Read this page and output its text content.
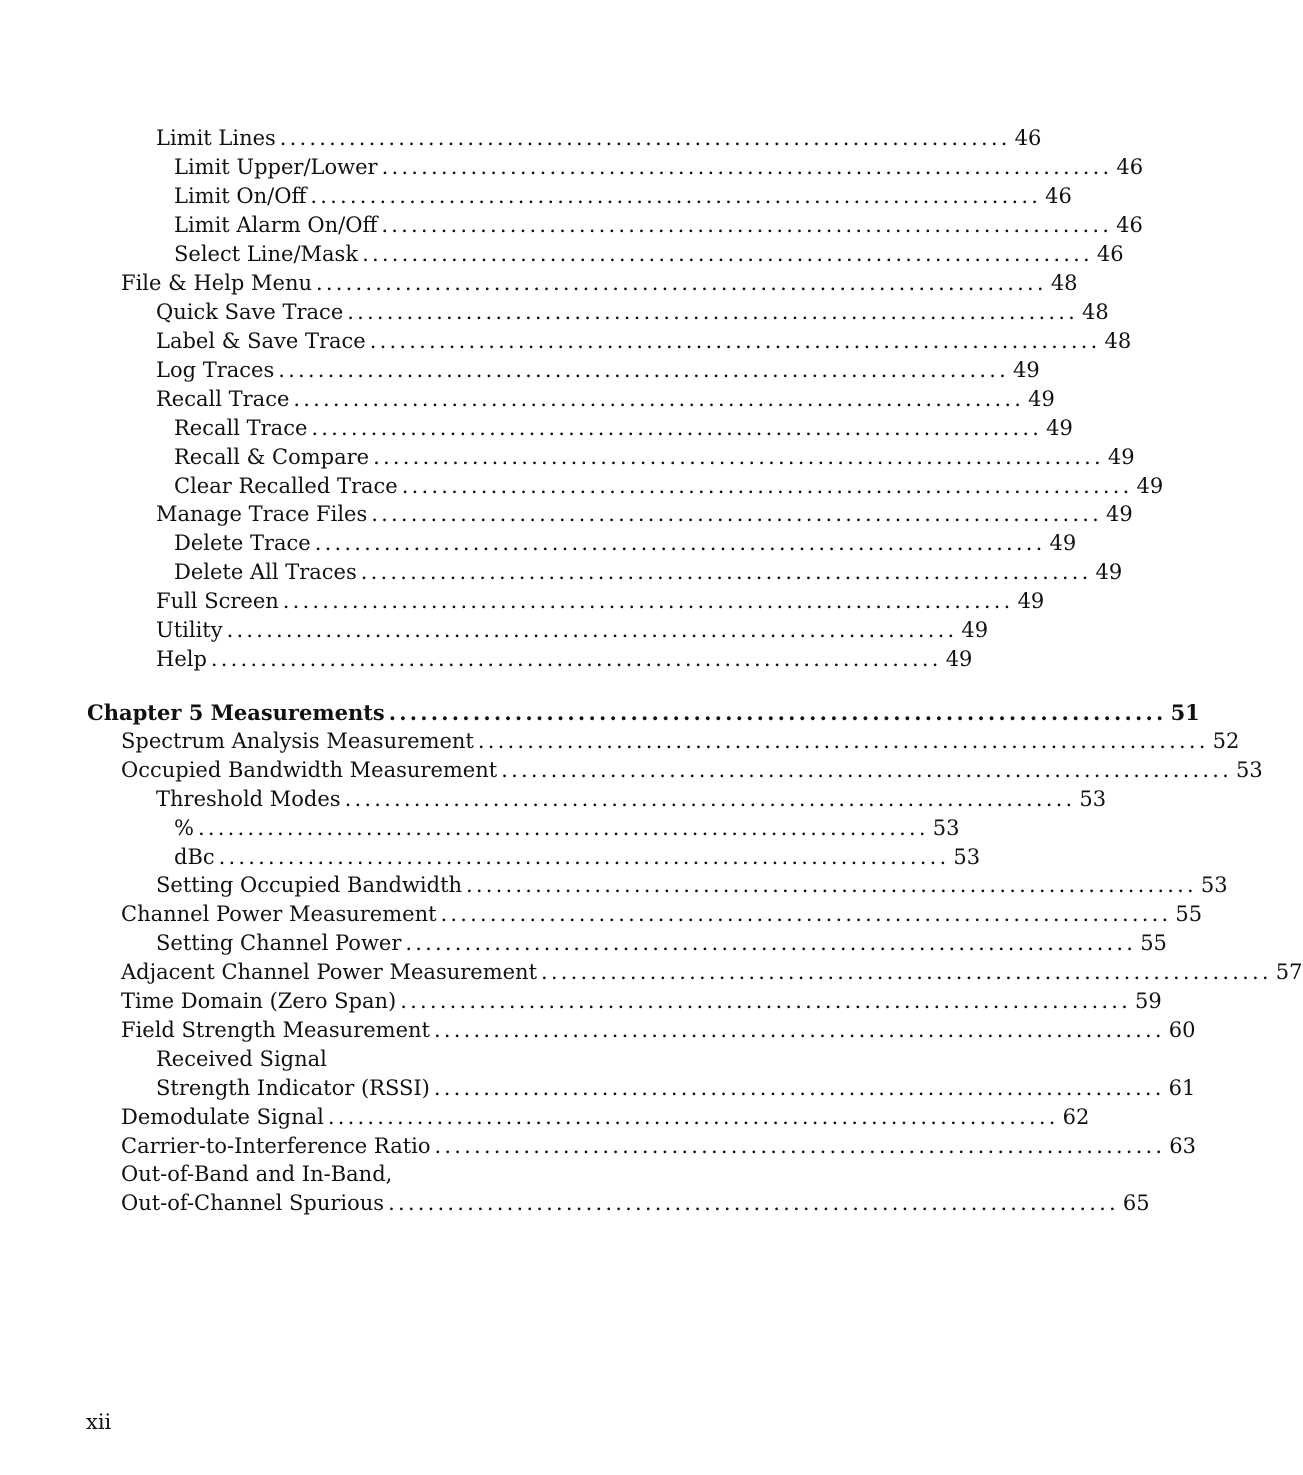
Limit Lines .......................................................................... 46
Limit Upper/Lower .......................................................................... 46
Limit On/Off .......................................................................... 46
Limit Alarm On/Off .......................................................................... 46
Select Line/Mask .......................................................................... 46
File & Help Menu .......................................................................... 48
Quick Save Trace .......................................................................... 48
Label & Save Trace .......................................................................... 48
Log Traces .......................................................................... 49
Recall Trace .......................................................................... 49
Recall Trace .......................................................................... 49
Recall & Compare .......................................................................... 49
Clear Recalled Trace .......................................................................... 49
Manage Trace Files .......................................................................... 49
Delete Trace .......................................................................... 49
Delete All Traces .......................................................................... 49
Full Screen .......................................................................... 49
Utility .......................................................................... 49
Help .......................................................................... 49
Chapter 5 Measurements .......................................................................... 51
Spectrum Analysis Measurement .......................................................................... 52
Occupied Bandwidth Measurement .......................................................................... 53
Threshold Modes .......................................................................... 53
% .......................................................................... 53
dBc .......................................................................... 53
Setting Occupied Bandwidth .......................................................................... 53
Channel Power Measurement .......................................................................... 55
Setting Channel Power .......................................................................... 55
Adjacent Channel Power Measurement .......................................................................... 57
Time Domain (Zero Span) .......................................................................... 59
Field Strength Measurement .......................................................................... 60
Received Signal
Strength Indicator (RSSI) .......................................................................... 61
Demodulate Signal .......................................................................... 62
Carrier-to-Interference Ratio .......................................................................... 63
Out-of-Band and In-Band,
Out-of-Channel Spurious .......................................................................... 65
xii
